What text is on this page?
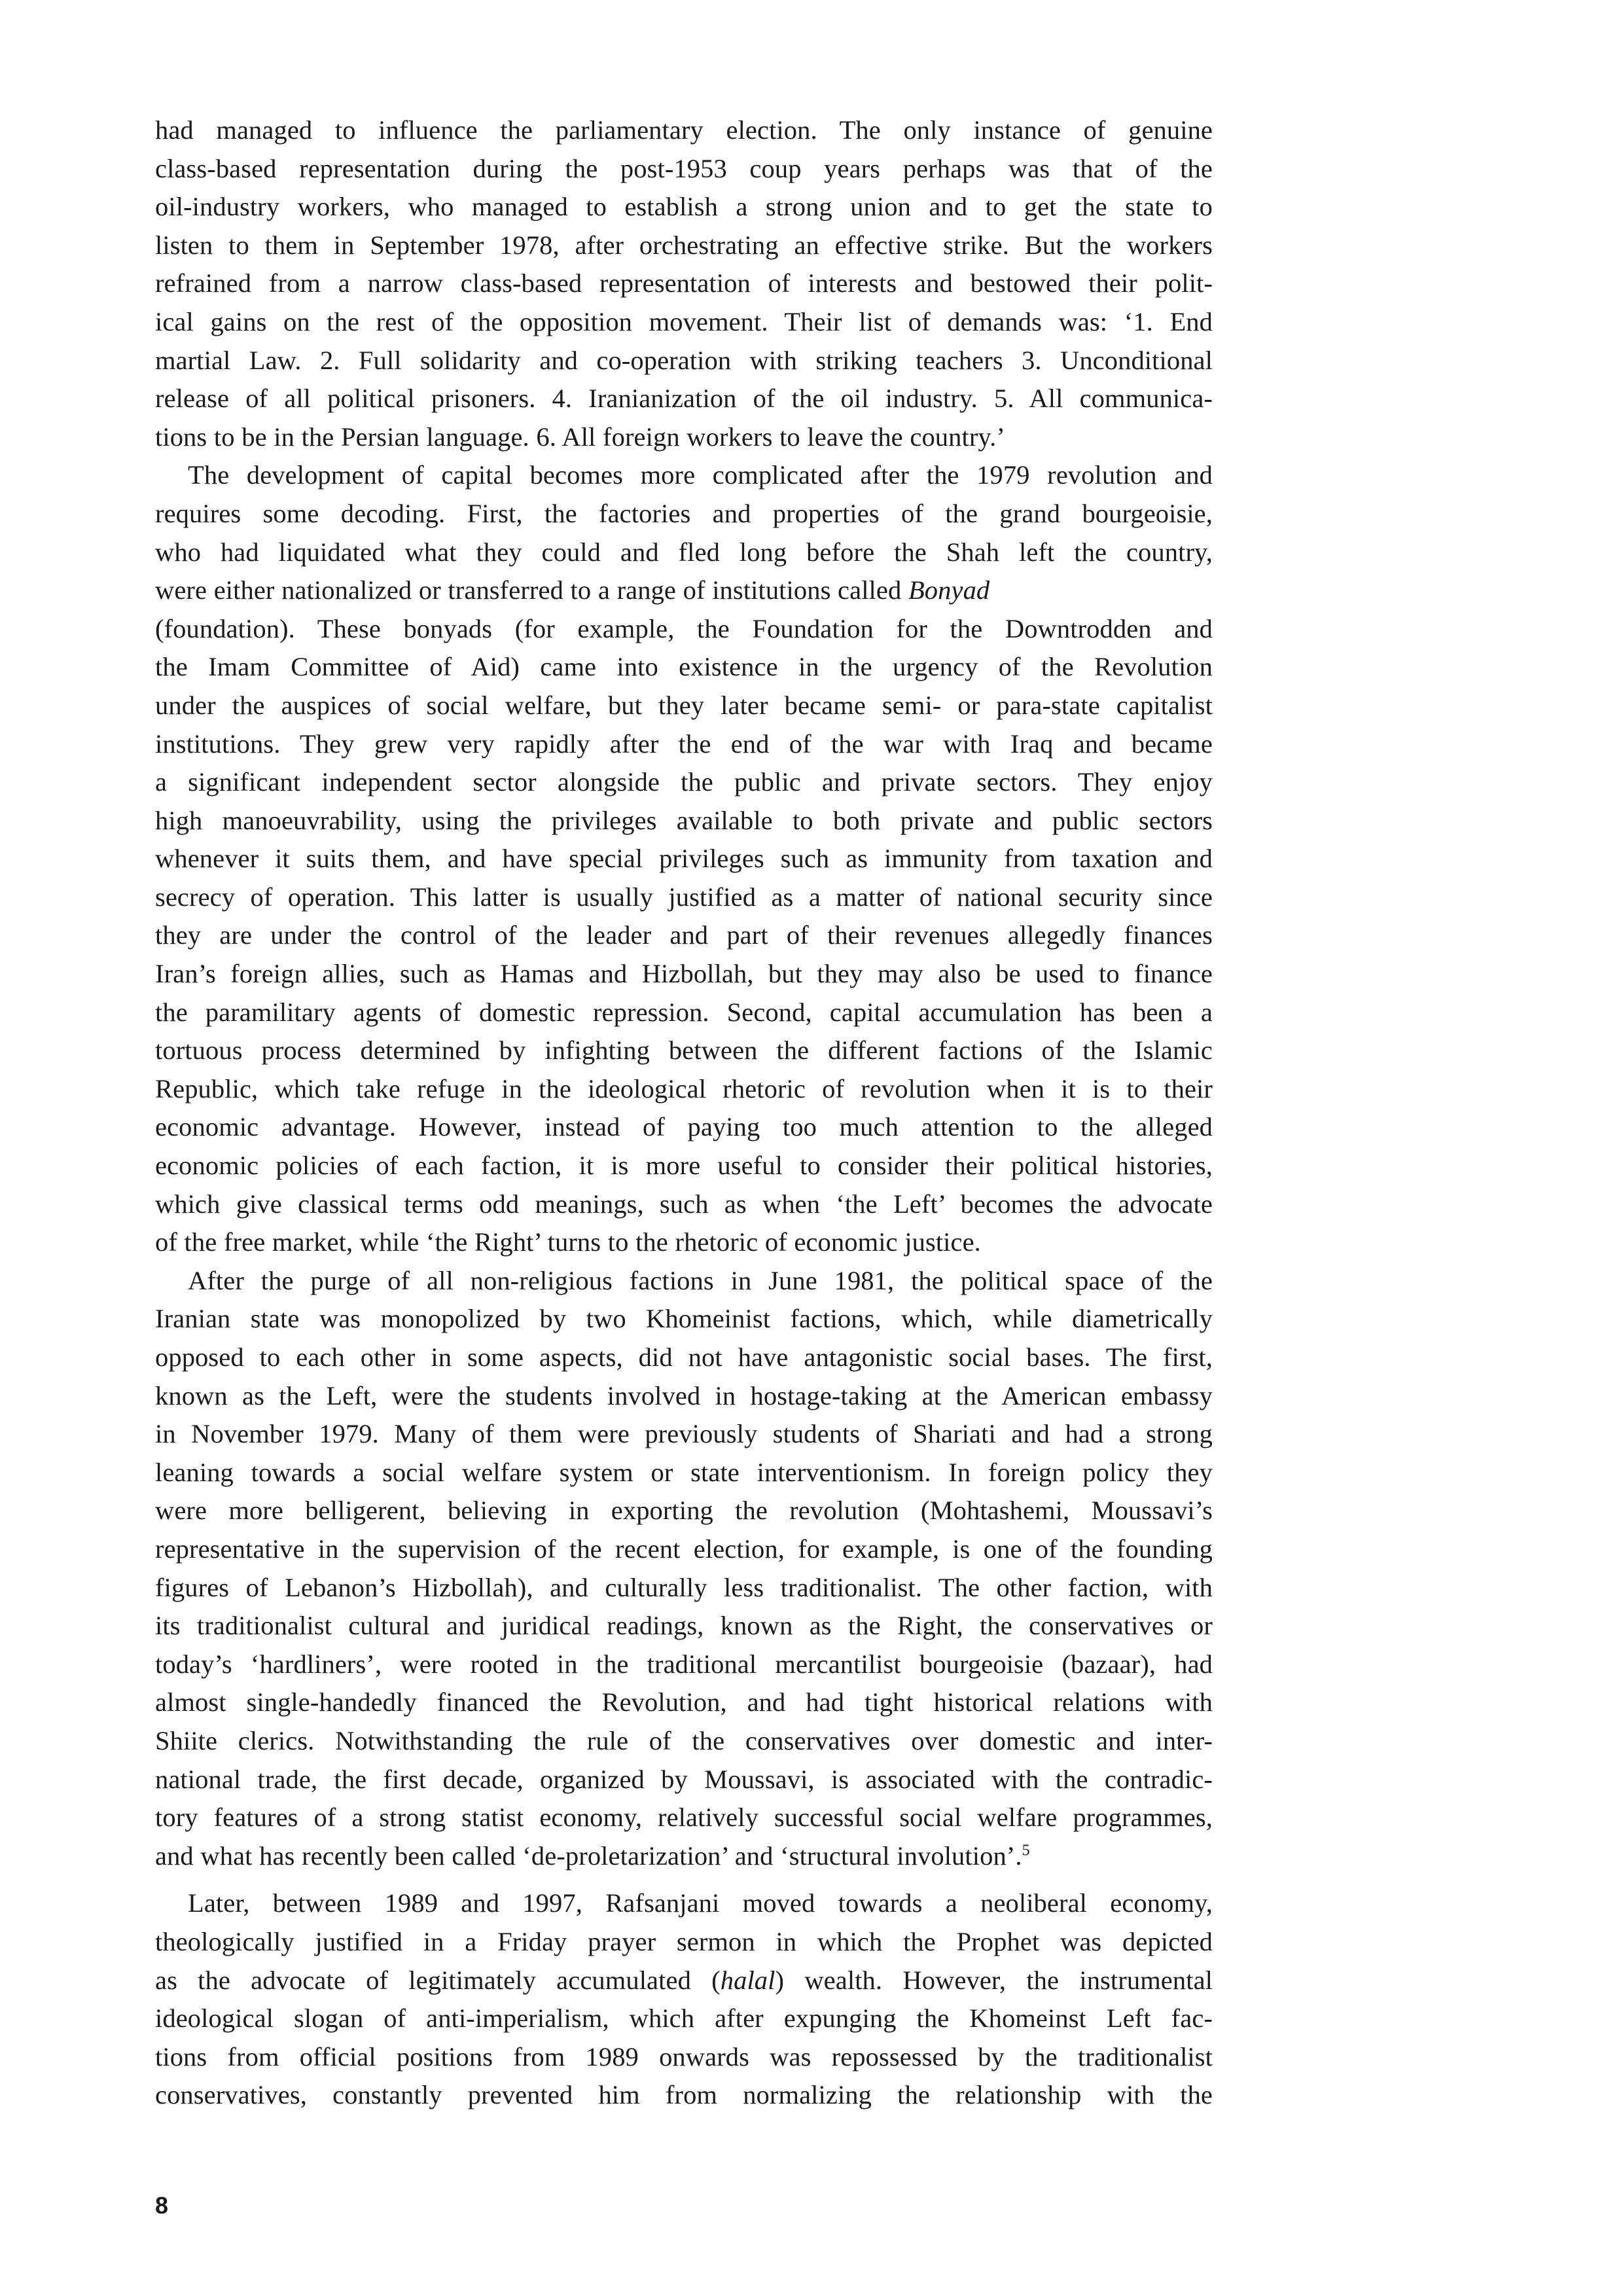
had managed to influence the parliamentary election. The only instance of genuine
class-based representation during the post-1953 coup years perhaps was that of the
oil-industry workers, who managed to establish a strong union and to get the state to
listen to them in September 1978, after orchestrating an effective strike. But the workers
refrained from a narrow class-based representation of interests and bestowed their polit-
ical gains on the rest of the opposition movement. Their list of demands was: ‘1. End
martial Law. 2. Full solidarity and co-operation with striking teachers 3. Unconditional
release of all political prisoners. 4. Iranianization of the oil industry. 5. All communica-
tions to be in the Persian language. 6. All foreign workers to leave the country.’
The development of capital becomes more complicated after the 1979 revolution and
requires some decoding. First, the factories and properties of the grand bourgeoisie,
who had liquidated what they could and fled long before the Shah left the country,
were either nationalized or transferred to a range of institutions called Bonyad
(foundation). These bonyads (for example, the Foundation for the Downtrodden and
the Imam Committee of Aid) came into existence in the urgency of the Revolution
under the auspices of social welfare, but they later became semi- or para-state capitalist
institutions. They grew very rapidly after the end of the war with Iraq and became
a significant independent sector alongside the public and private sectors. They enjoy
high manoeuvrability, using the privileges available to both private and public sectors
whenever it suits them, and have special privileges such as immunity from taxation and
secrecy of operation. This latter is usually justified as a matter of national security since
they are under the control of the leader and part of their revenues allegedly finances
Iran’s foreign allies, such as Hamas and Hizbollah, but they may also be used to finance
the paramilitary agents of domestic repression. Second, capital accumulation has been a
tortuous process determined by infighting between the different factions of the Islamic
Republic, which take refuge in the ideological rhetoric of revolution when it is to their
economic advantage. However, instead of paying too much attention to the alleged
economic policies of each faction, it is more useful to consider their political histories,
which give classical terms odd meanings, such as when ‘the Left’ becomes the advocate
of the free market, while ‘the Right’ turns to the rhetoric of economic justice.
After the purge of all non-religious factions in June 1981, the political space of the
Iranian state was monopolized by two Khomeinist factions, which, while diametrically
opposed to each other in some aspects, did not have antagonistic social bases. The first,
known as the Left, were the students involved in hostage-taking at the American embassy
in November 1979. Many of them were previously students of Shariati and had a strong
leaning towards a social welfare system or state interventionism. In foreign policy they
were more belligerent, believing in exporting the revolution (Mohtashemi, Moussavi’s
representative in the supervision of the recent election, for example, is one of the founding
figures of Lebanon’s Hizbollah), and culturally less traditionalist. The other faction, with
its traditionalist cultural and juridical readings, known as the Right, the conservatives or
today’s ‘hardliners’, were rooted in the traditional mercantilist bourgeoisie (bazaar), had
almost single-handedly financed the Revolution, and had tight historical relations with
Shiite clerics. Notwithstanding the rule of the conservatives over domestic and inter-
national trade, the first decade, organized by Moussavi, is associated with the contradic-
tory features of a strong statist economy, relatively successful social welfare programmes,
and what has recently been called ‘de-proletarization’ and ‘structural involution’.$^5$
Later, between 1989 and 1997, Rafsanjani moved towards a neoliberal economy,
theologically justified in a Friday prayer sermon in which the Prophet was depicted
as the advocate of legitimately accumulated (halal) wealth. However, the instrumental
ideological slogan of anti-imperialism, which after expunging the Khomeinst Left fac-
tions from official positions from 1989 onwards was repossessed by the traditionalist
conservatives, constantly prevented him from normalizing the relationship with the
8
